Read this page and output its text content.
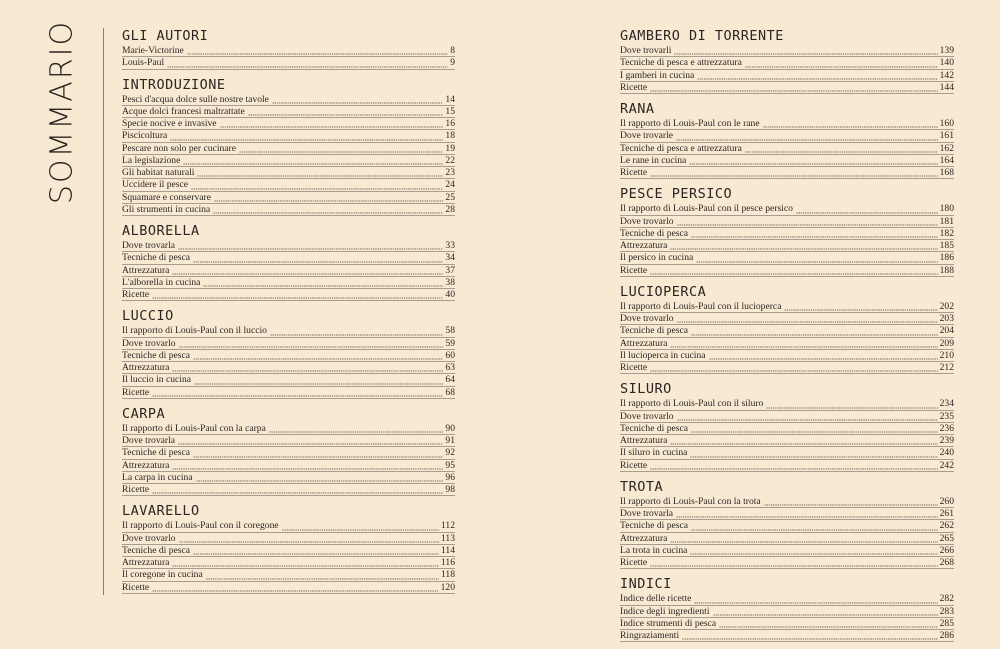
SOMMARIO	GLI AUTORI
Marie-Victorine	8
Louis-Paul	9
INTRODUZIONE
Pesci d'acqua dolce sulle nostre tavole	14
Acque dolci francesi maltrattate	15
Specie nocive e invasive	16
Piscicoltura	18
Pescare non solo per cucinare	19
La legislazione	22
Gli habitat naturali	23
Uccidere il pesce	24
Squamare e conservare	25
Gli strumenti in cucina	28
ALBORELLA
Dove trovarla	33
Tecniche di pesca	34
Attrezzatura	37
L'alborella in cucina	38
Ricette	40
LUCCIO
Il rapporto di Louis-Paul con il luccio	58
Dove trovarlo	59
Tecniche di pesca	60
Attrezzatura	63
Il luccio in cucina	64
Ricette	68
CARPA
Il rapporto di Louis-Paul con la carpa	90
Dove trovarla	91
Tecniche di pesca	92
Attrezzatura	95
La carpa in cucina	96
Ricette	98
LAVARELLO
Il rapporto di Louis-Paul con il coregone	112
Dove trovarlo	113
Tecniche di pesca	114
Attrezzatura	116
Il coregone in cucina	118
Ricette	120
GAMBERO DI TORRENTE
Dove trovarli	139
Tecniche di pesca e attrezzatura	140
I gamberi in cucina	142
Ricette	144
RANA
Il rapporto di Louis-Paul con le rane	160
Dove trovarle	161
Tecniche di pesca e attrezzatura	162
Le rane in cucina	164
Ricette	168
PESCE PERSICO
Il rapporto di Louis-Paul con il pesce persico	180
Dove trovarlo	181
Tecniche di pesca	182
Attrezzatura	185
Il persico in cucina	186
Ricette	188
LUCIOPERCA
Il rapporto di Louis-Paul con il lucioperca	202
Dove trovarlo	203
Tecniche di pesca	204
Attrezzatura	209
Il lucioperca in cucina	210
Ricette	212
SILURO
Il rapporto di Louis-Paul con il siluro	234
Dove trovarlo	235
Tecniche di pesca	236
Attrezzatura	239
Il siluro in cucina	240
Ricette	242
TROTA
Il rapporto di Louis-Paul con la trota	260
Dove trovarla	261
Tecniche di pesca	262
Attrezzatura	265
La trota in cucina	266
Ricette	268
INDICI
Indice delle ricette	282
Indice degli ingredienti	283
Indice strumenti di pesca	285
Ringraziamenti	286
